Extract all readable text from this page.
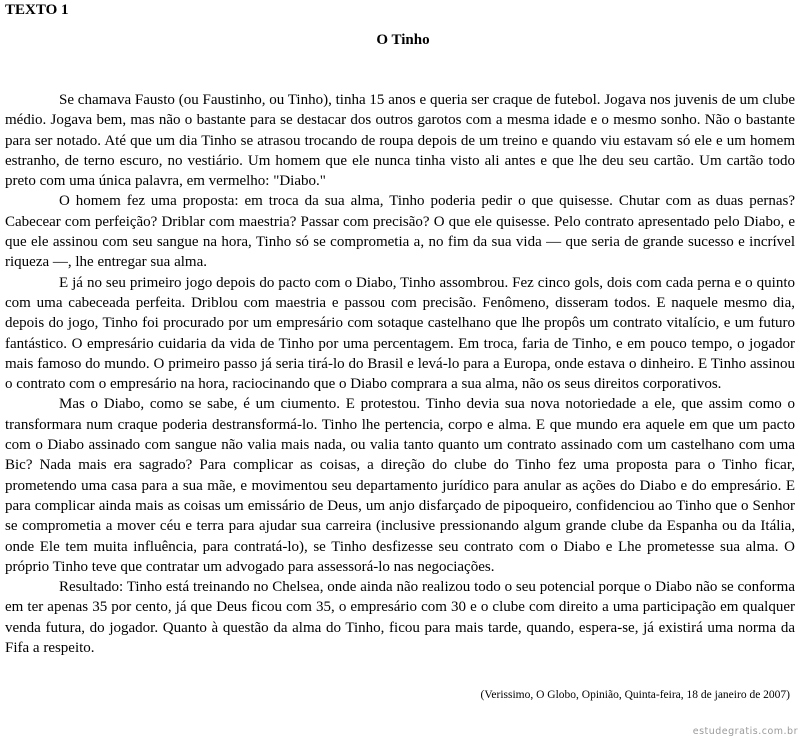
TEXTO 1
O Tinho

Se chamava Fausto (ou Faustinho, ou Tinho), tinha 15 anos e queria ser craque de futebol. Jogava nos juvenis de um clube médio. Jogava bem, mas não o bastante para se destacar dos outros garotos com a mesma idade e o mesmo sonho. Não o bastante para ser notado. Até que um dia Tinho se atrasou trocando de roupa depois de um treino e quando viu estavam só ele e um homem estranho, de terno escuro, no vestiário. Um homem que ele nunca tinha visto ali antes e que lhe deu seu cartão. Um cartão todo preto com uma única palavra, em vermelho: "Diabo."

O homem fez uma proposta: em troca da sua alma, Tinho poderia pedir o que quisesse. Chutar com as duas pernas? Cabecear com perfeição? Driblar com maestria? Passar com precisão? O que ele quisesse. Pelo contrato apresentado pelo Diabo, e que ele assinou com seu sangue na hora, Tinho só se comprometia a, no fim da sua vida — que seria de grande sucesso e incrível riqueza —, lhe entregar sua alma.

E já no seu primeiro jogo depois do pacto com o Diabo, Tinho assombrou. Fez cinco gols, dois com cada perna e o quinto com uma cabeceada perfeita. Driblou com maestria e passou com precisão. Fenômeno, disseram todos. E naquele mesmo dia, depois do jogo, Tinho foi procurado por um empresário com sotaque castelhano que lhe propôs um contrato vitalício, e um futuro fantástico. O empresário cuidaria da vida de Tinho por uma percentagem. Em troca, faria de Tinho, e em pouco tempo, o jogador mais famoso do mundo. O primeiro passo já seria tirá-lo do Brasil e levá-lo para a Europa, onde estava o dinheiro. E Tinho assinou o contrato com o empresário na hora, raciocinando que o Diabo comprara a sua alma, não os seus direitos corporativos.

Mas o Diabo, como se sabe, é um ciumento. E protestou. Tinho devia sua nova notoriedade a ele, que assim como o transformara num craque poderia destransformá-lo. Tinho lhe pertencia, corpo e alma. E que mundo era aquele em que um pacto com o Diabo assinado com sangue não valia mais nada, ou valia tanto quanto um contrato assinado com um castelhano com uma Bic? Nada mais era sagrado? Para complicar as coisas, a direção do clube do Tinho fez uma proposta para o Tinho ficar, prometendo uma casa para a sua mãe, e movimentou seu departamento jurídico para anular as ações do Diabo e do empresário. E para complicar ainda mais as coisas um emissário de Deus, um anjo disfarçado de pipoqueiro, confidenciou ao Tinho que o Senhor se comprometia a mover céu e terra para ajudar sua carreira (inclusive pressionando algum grande clube da Espanha ou da Itália, onde Ele tem muita influência, para contratá-lo), se Tinho desfizesse seu contrato com o Diabo e Lhe prometesse sua alma. O próprio Tinho teve que contratar um advogado para assessorá-lo nas negociações.

Resultado: Tinho está treinando no Chelsea, onde ainda não realizou todo o seu potencial porque o Diabo não se conforma em ter apenas 35 por cento, já que Deus ficou com 35, o empresário com 30 e o clube com direito a uma participação em qualquer venda futura, do jogador. Quanto à questão da alma do Tinho, ficou para mais tarde, quando, espera-se, já existirá uma norma da Fifa a respeito.

(Verissimo, O Globo, Opinião, Quinta-feira, 18 de janeiro de 2007)

estudegratis.com.br
